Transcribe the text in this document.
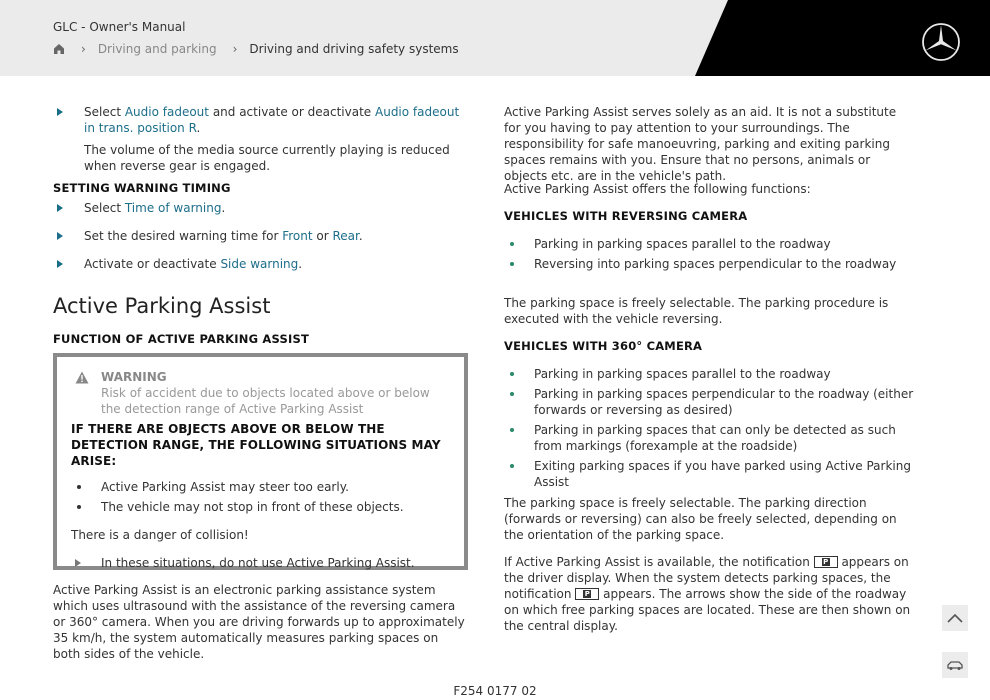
GLC - Owner's Manual
› Driving and parking › Driving and driving safety systems
Select Audio fadeout and activate or deactivate Audio fadeout in trans. position R.

The volume of the media source currently playing is reduced when reverse gear is engaged.

SETTING WARNING TIMING
Select Time of warning.
Set the desired warning time for Front or Rear.
Activate or deactivate Side warning.
Active Parking Assist
FUNCTION OF ACTIVE PARKING ASSIST
WARNING
Risk of accident due to objects located above or below the detection range of Active Parking Assist
IF THERE ARE OBJECTS ABOVE OR BELOW THE DETECTION RANGE, THE FOLLOWING SITUATIONS MAY ARISE:
Active Parking Assist may steer too early.
The vehicle may not stop in front of these objects.

There is a danger of collision!

In these situations, do not use Active Parking Assist.

Active Parking Assist is an electronic parking assistance system which uses ultrasound with the assistance of the reversing camera or 360° camera. When you are driving forwards up to approximately 35 km/h, the system automatically measures parking spaces on both sides of the vehicle.

Active Parking Assist serves solely as an aid. It is not a substitute for you having to pay attention to your surroundings. The responsibility for safe manoeuvring, parking and exiting parking spaces remains with you. Ensure that no persons, animals or objects etc. are in the vehicle's path.

Active Parking Assist offers the following functions:

VEHICLES WITH REVERSING CAMERA
Parking in parking spaces parallel to the roadway
Reversing into parking spaces perpendicular to the roadway

The parking space is freely selectable. The parking procedure is executed with the vehicle reversing.

VEHICLES WITH 360° CAMERA
Parking in parking spaces parallel to the roadway
Parking in parking spaces perpendicular to the roadway (either forwards or reversing as desired)
Parking in parking spaces that can only be detected as such from markings (forexample at the roadside)
Exiting parking spaces if you have parked using Active Parking Assist

The parking space is freely selectable. The parking direction (forwards or reversing) can also be freely selected, depending on the orientation of the parking space.

If Active Parking Assist is available, the notification P appears on the driver display. When the system detects parking spaces, the notification P appears. The arrows show the side of the roadway on which free parking spaces are located. These are then shown on the central display.

F254 0177 02
